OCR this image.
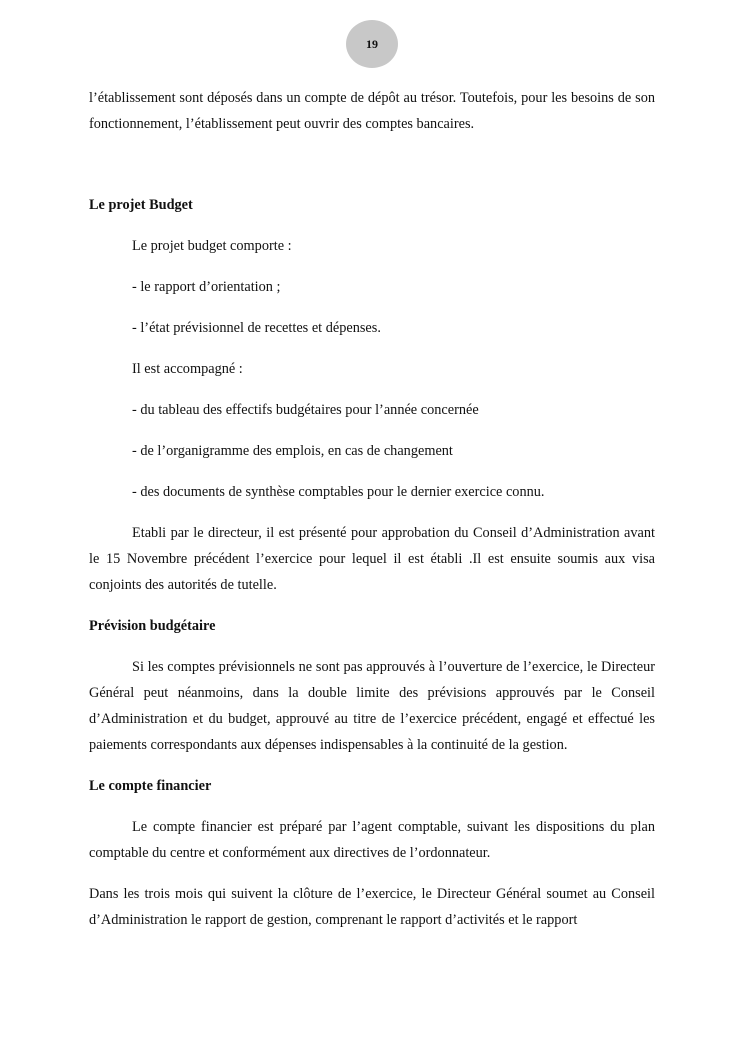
19

l’établissement sont déposés dans un compte de dépôt au trésor. Toutefois, pour les besoins de son fonctionnement, l’établissement peut ouvrir des comptes bancaires.

Le projet Budget

Le projet budget comporte :

- le rapport d’orientation ;

- l’état prévisionnel de recettes et dépenses.

Il est accompagné :

- du tableau des effectifs budgétaires pour l’année concernée

- de l’organigramme des emplois, en cas de changement

- des documents de synthèse comptables pour le dernier exercice connu.

Etabli par le directeur, il est présenté pour approbation du Conseil d’Administration avant le 15 Novembre précédent l’exercice pour lequel il est établi .Il est ensuite soumis aux visa conjoints des autorités de tutelle.

Prévision budgétaire

Si les comptes prévisionnels ne sont pas approuvés à l’ouverture de l’exercice, le Directeur Général peut néanmoins, dans la double limite des prévisions approuvés par le Conseil d’Administration et du budget, approuvé au titre de l’exercice précédent, engagé et effectué les paiements correspondants aux dépenses indispensables à la continuité de la gestion.

Le compte financier

Le compte financier est préparé par l’agent comptable, suivant les dispositions du plan comptable du centre et conformément aux directives de l’ordonnateur.

Dans les trois mois qui suivent la clôture de l’exercice, le Directeur Général soumet au Conseil d’Administration le rapport de gestion, comprenant le rapport d’activités et le rapport
